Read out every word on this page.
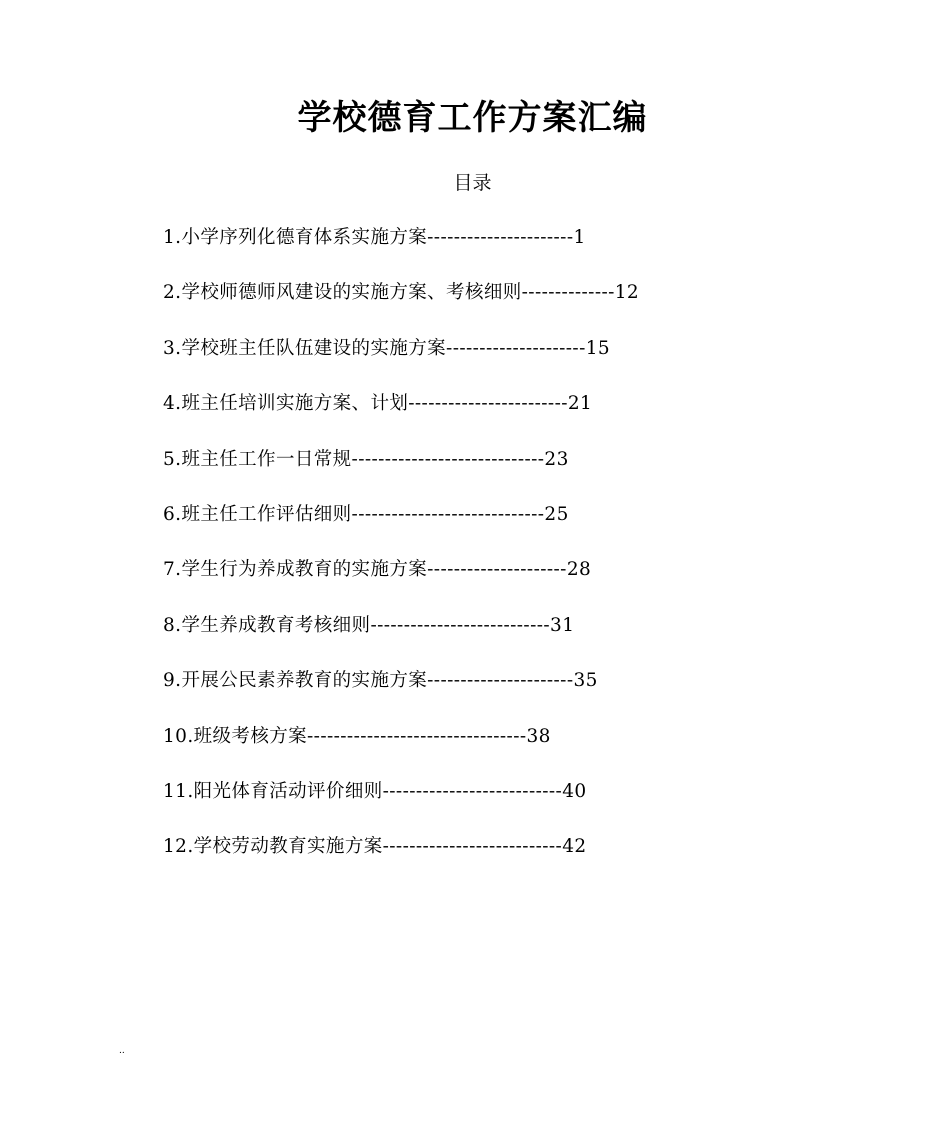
学校德育工作方案汇编
目录
1.小学序列化德育体系实施方案----------------------1
2.学校师德师风建设的实施方案、考核细则--------------12
3.学校班主任队伍建设的实施方案---------------------15
4.班主任培训实施方案、计划------------------------21
5.班主任工作一日常规-----------------------------23
6.班主任工作评估细则-----------------------------25
7.学生行为养成教育的实施方案---------------------28
8.学生养成教育考核细则---------------------------31
9.开展公民素养教育的实施方案----------------------35
10.班级考核方案---------------------------------38
11.阳光体育活动评价细则---------------------------40
12.学校劳动教育实施方案---------------------------42
..
